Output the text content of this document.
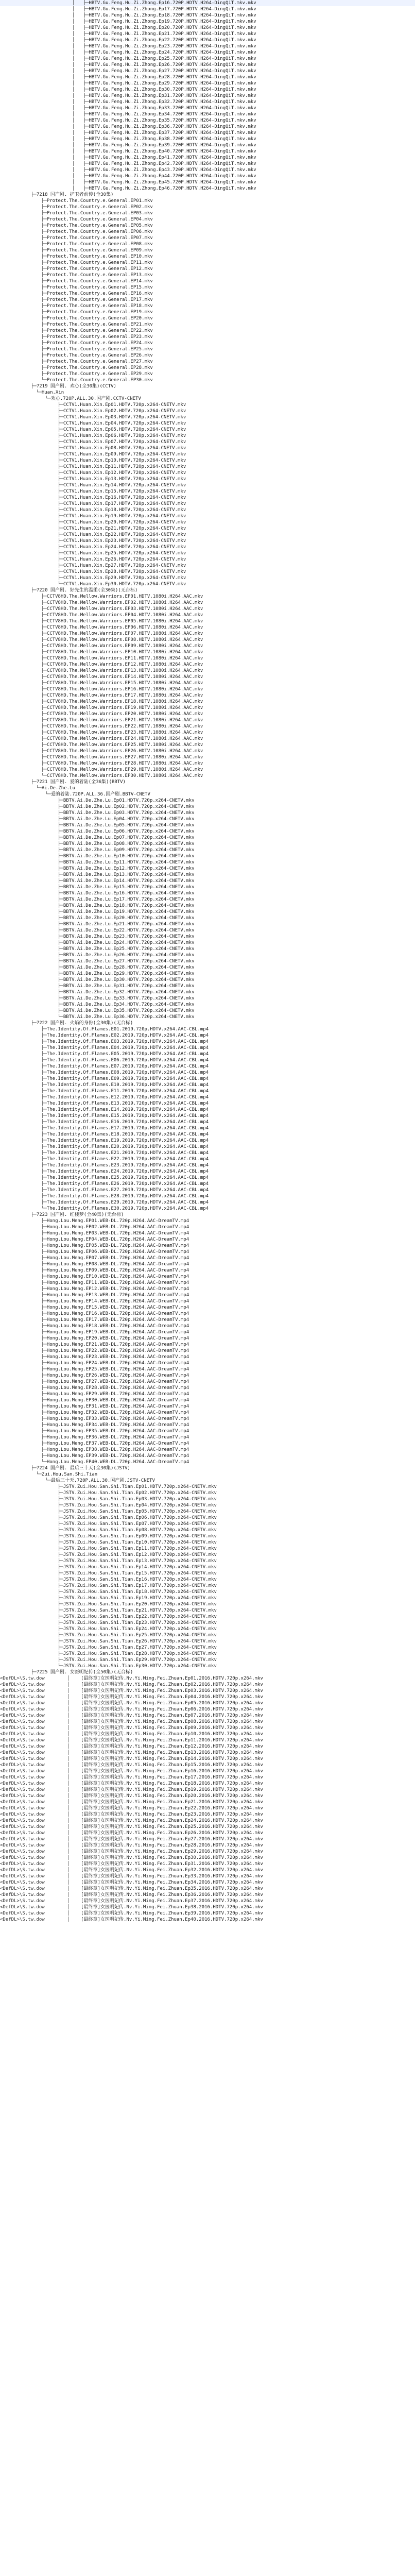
│   ├─HBTV.Gu.Feng.Hu.Zi.Zhong.Ep16.720P.HDTV.H264-DingQiT.mkv.mkv
│   ├─HBTV.Gu.Feng.Hu.Zi.Zhong.Ep17.720P.HDTV.H264-DingQiT.mkv.mkv
│   ├─HBTV.Gu.Feng.Hu.Zi.Zhong.Ep18.720P.HDTV.H264-DingQiT.mkv.mkv
│   ├─HBTV.Gu.Feng.Hu.Zi.Zhong.Ep19.720P.HDTV.H264-DingQiT.mkv.mkv
│   ├─HBTV.Gu.Feng.Hu.Zi.Zhong.Ep20.720P.HDTV.H264-DingQiT.mkv.mkv
│   ├─HBTV.Gu.Feng.Hu.Zi.Zhong.Ep21.720P.HDTV.H264-DingQiT.mkv.mkv
│   ├─HBTV.Gu.Feng.Hu.Zi.Zhong.Ep22.720P.HDTV.H264-DingQiT.mkv.mkv
│   ├─HBTV.Gu.Feng.Hu.Zi.Zhong.Ep23.720P.HDTV.H264-DingQiT.mkv.mkv
│   ├─HBTV.Gu.Feng.Hu.Zi.Zhong.Ep24.720P.HDTV.H264-DingQiT.mkv.mkv
│   ├─HBTV.Gu.Feng.Hu.Zi.Zhong.Ep25.720P.HDTV.H264-DingQiT.mkv.mkv
│   ├─HBTV.Gu.Feng.Hu.Zi.Zhong.Ep26.720P.HDTV.H264-DingQiT.mkv.mkv
│   ├─HBTV.Gu.Feng.Hu.Zi.Zhong.Ep27.720P.HDTV.H264-DingQiT.mkv.mkv
│   ├─HBTV.Gu.Feng.Hu.Zi.Zhong.Ep28.720P.HDTV.H264-DingQiT.mkv.mkv
│   ├─HBTV.Gu.Feng.Hu.Zi.Zhong.Ep29.720P.HDTV.H264-DingQiT.mkv.mkv
│   ├─HBTV.Gu.Feng.Hu.Zi.Zhong.Ep30.720P.HDTV.H264-DingQiT.mkv.mkv
│   ├─HBTV.Gu.Feng.Hu.Zi.Zhong.Ep31.720P.HDTV.H264-DingQiT.mkv.mkv
│   ├─HBTV.Gu.Feng.Hu.Zi.Zhong.Ep32.720P.HDTV.H264-DingQiT.mkv.mkv
│   ├─HBTV.Gu.Feng.Hu.Zi.Zhong.Ep33.720P.HDTV.H264-DingQiT.mkv.mkv
│   ├─HBTV.Gu.Feng.Hu.Zi.Zhong.Ep34.720P.HDTV.H264-DingQiT.mkv.mkv
│   ├─HBTV.Gu.Feng.Hu.Zi.Zhong.Ep35.720P.HDTV.H264-DingQiT.mkv.mkv
│   ├─HBTV.Gu.Feng.Hu.Zi.Zhong.Ep36.720P.HDTV.H264-DingQiT.mkv.mkv
│   ├─HBTV.Gu.Feng.Hu.Zi.Zhong.Ep37.720P.HDTV.H264-DingQiT.mkv.mkv
│   ├─HBTV.Gu.Feng.Hu.Zi.Zhong.Ep38.720P.HDTV.H264-DingQiT.mkv.mkv
│   ├─HBTV.Gu.Feng.Hu.Zi.Zhong.Ep39.720P.HDTV.H264-DingQiT.mkv.mkv
│   ├─HBTV.Gu.Feng.Hu.Zi.Zhong.Ep40.720P.HDTV.H264-DingQiT.mkv.mkv
│   ├─HBTV.Gu.Feng.Hu.Zi.Zhong.Ep41.720P.HDTV.H264-DingQiT.mkv.mkv
│   ├─HBTV.Gu.Feng.Hu.Zi.Zhong.Ep42.720P.HDTV.H264-DingQiT.mkv.mkv
│   ├─HBTV.Gu.Feng.Hu.Zi.Zhong.Ep43.720P.HDTV.H264-DingQiT.mkv.mkv
│   ├─HBTV.Gu.Feng.Hu.Zi.Zhong.Ep44.720P.HDTV.H264-DingQiT.mkv.mkv
│   ├─HBTV.Gu.Feng.Hu.Zi.Zhong.Ep45.720P.HDTV.H264-DingQiT.mkv.mkv
│   ├─HBTV.Gu.Feng.Hu.Zi.Zhong.Ep46.720P.HDTV.H264-DingQiT.mkv.mkv
├─7218 国产剧. 护卫者前传(全30集)
├─Protect.The.Country.e.General.EP01.mkv
├─Protect.The.Country.e.General.EP02.mkv
├─Protect.The.Country.e.General.EP03.mkv
├─Protect.The.Country.e.General.EP04.mkv
├─Protect.The.Country.e.General.EP05.mkv
├─Protect.The.Country.e.General.EP06.mkv
├─Protect.The.Country.e.General.EP07.mkv
├─Protect.The.Country.e.General.EP08.mkv
├─Protect.The.Country.e.General.EP09.mkv
├─Protect.The.Country.e.General.EP10.mkv
├─Protect.The.Country.e.General.EP11.mkv
├─Protect.The.Country.e.General.EP12.mkv
├─Protect.The.Country.e.General.EP13.mkv
├─Protect.The.Country.e.General.EP14.mkv
├─Protect.The.Country.e.General.EP15.mkv
├─Protect.The.Country.e.General.EP16.mkv
├─Protect.The.Country.e.General.EP17.mkv
├─Protect.The.Country.e.General.EP18.mkv
├─Protect.The.Country.e.General.EP19.mkv
├─Protect.The.Country.e.General.EP20.mkv
├─Protect.The.Country.e.General.EP21.mkv
├─Protect.The.Country.e.General.EP22.mkv
├─Protect.The.Country.e.General.EP23.mkv
├─Protect.The.Country.e.General.EP24.mkv
├─Protect.The.Country.e.General.EP25.mkv
├─Protect.The.Country.e.General.EP26.mkv
├─Protect.The.Country.e.General.EP27.mkv
├─Protect.The.Country.e.General.EP28.mkv
├─Protect.The.Country.e.General.EP29.mkv
└─Protect.The.Country.e.General.EP30.mkv
├─7219 国产剧. 欢心(全30集)(CCTV)
└─Huan.Xin
└─欢心.720P.ALL.30.国产剧.CCTV-CNETV
├─CCTV1.Huan.Xin.Ep01.HDTV.720p.x264-CNETV.mkv
├─CCTV1.Huan.Xin.Ep02.HDTV.720p.x264-CNETV.mkv
├─CCTV1.Huan.Xin.Ep03.HDTV.720p.x264-CNETV.mkv
├─CCTV1.Huan.Xin.Ep04.HDTV.720p.x264-CNETV.mkv
├─CCTV1.Huan.Xin.Ep05.HDTV.720p.x264-CNETV.mkv
├─CCTV1.Huan.Xin.Ep06.HDTV.720p.x264-CNETV.mkv
├─CCTV1.Huan.Xin.Ep07.HDTV.720p.x264-CNETV.mkv
├─CCTV1.Huan.Xin.Ep08.HDTV.720p.x264-CNETV.mkv
├─CCTV1.Huan.Xin.Ep09.HDTV.720p.x264-CNETV.mkv
├─CCTV1.Huan.Xin.Ep10.HDTV.720p.x264-CNETV.mkv
├─CCTV1.Huan.Xin.Ep11.HDTV.720p.x264-CNETV.mkv
├─CCTV1.Huan.Xin.Ep12.HDTV.720p.x264-CNETV.mkv
├─CCTV1.Huan.Xin.Ep13.HDTV.720p.x264-CNETV.mkv
├─CCTV1.Huan.Xin.Ep14.HDTV.720p.x264-CNETV.mkv
├─CCTV1.Huan.Xin.Ep15.HDTV.720p.x264-CNETV.mkv
├─CCTV1.Huan.Xin.Ep16.HDTV.720p.x264-CNETV.mkv
├─CCTV1.Huan.Xin.Ep17.HDTV.720p.x264-CNETV.mkv
├─CCTV1.Huan.Xin.Ep18.HDTV.720p.x264-CNETV.mkv
├─CCTV1.Huan.Xin.Ep19.HDTV.720p.x264-CNETV.mkv
├─CCTV1.Huan.Xin.Ep20.HDTV.720p.x264-CNETV.mkv
├─CCTV1.Huan.Xin.Ep21.HDTV.720p.x264-CNETV.mkv
├─CCTV1.Huan.Xin.Ep22.HDTV.720p.x264-CNETV.mkv
├─CCTV1.Huan.Xin.Ep23.HDTV.720p.x264-CNETV.mkv
├─CCTV1.Huan.Xin.Ep24.HDTV.720p.x264-CNETV.mkv
├─CCTV1.Huan.Xin.Ep25.HDTV.720p.x264-CNETV.mkv
├─CCTV1.Huan.Xin.Ep26.HDTV.720p.x264-CNETV.mkv
├─CCTV1.Huan.Xin.Ep27.HDTV.720p.x264-CNETV.mkv
├─CCTV1.Huan.Xin.Ep28.HDTV.720p.x264-CNETV.mkv
├─CCTV1.Huan.Xin.Ep29.HDTV.720p.x264-CNETV.mkv
└─CCTV1.Huan.Xin.Ep30.HDTV.720p.x264-CNETV.mkv
├─7220 国产剧. 好先生的温柔(全30集)(无台标)
├─CCTV8HD.The.Mellow.Warriors.EP01.HDTV.1080i.H264.AAC.mkv
├─CCTV8HD.The.Mellow.Warriors.EP02.HDTV.1080i.H264.AAC.mkv
├─CCTV8HD.The.Mellow.Warriors.EP03.HDTV.1080i.H264.AAC.mkv
├─CCTV8HD.The.Mellow.Warriors.EP04.HDTV.1080i.H264.AAC.mkv
├─CCTV8HD.The.Mellow.Warriors.EP05.HDTV.1080i.H264.AAC.mkv
├─CCTV8HD.The.Mellow.Warriors.EP06.HDTV.1080i.H264.AAC.mkv
├─CCTV8HD.The.Mellow.Warriors.EP07.HDTV.1080i.H264.AAC.mkv
├─CCTV8HD.The.Mellow.Warriors.EP08.HDTV.1080i.H264.AAC.mkv
├─CCTV8HD.The.Mellow.Warriors.EP09.HDTV.1080i.H264.AAC.mkv
├─CCTV8HD.The.Mellow.Warriors.EP10.HDTV.1080i.H264.AAC.mkv
├─CCTV8HD.The.Mellow.Warriors.EP11.HDTV.1080i.H264.AAC.mkv
├─CCTV8HD.The.Mellow.Warriors.EP12.HDTV.1080i.H264.AAC.mkv
├─CCTV8HD.The.Mellow.Warriors.EP13.HDTV.1080i.H264.AAC.mkv
├─CCTV8HD.The.Mellow.Warriors.EP14.HDTV.1080i.H264.AAC.mkv
├─CCTV8HD.The.Mellow.Warriors.EP15.HDTV.1080i.H264.AAC.mkv
├─CCTV8HD.The.Mellow.Warriors.EP16.HDTV.1080i.H264.AAC.mkv
├─CCTV8HD.The.Mellow.Warriors.EP17.HDTV.1080i.H264.AAC.mkv
├─CCTV8HD.The.Mellow.Warriors.EP18.HDTV.1080i.H264.AAC.mkv
├─CCTV8HD.The.Mellow.Warriors.EP19.HDTV.1080i.H264.AAC.mkv
├─CCTV8HD.The.Mellow.Warriors.EP20.HDTV.1080i.H264.AAC.mkv
├─CCTV8HD.The.Mellow.Warriors.EP21.HDTV.1080i.H264.AAC.mkv
├─CCTV8HD.The.Mellow.Warriors.EP22.HDTV.1080i.H264.AAC.mkv
├─CCTV8HD.The.Mellow.Warriors.EP23.HDTV.1080i.H264.AAC.mkv
├─CCTV8HD.The.Mellow.Warriors.EP24.HDTV.1080i.H264.AAC.mkv
├─CCTV8HD.The.Mellow.Warriors.EP25.HDTV.1080i.H264.AAC.mkv
├─CCTV8HD.The.Mellow.Warriors.EP26.HDTV.1080i.H264.AAC.mkv
├─CCTV8HD.The.Mellow.Warriors.EP27.HDTV.1080i.H264.AAC.mkv
├─CCTV8HD.The.Mellow.Warriors.EP28.HDTV.1080i.H264.AAC.mkv
├─CCTV8HD.The.Mellow.Warriors.EP29.HDTV.1080i.H264.AAC.mkv
└─CCTV8HD.The.Mellow.Warriors.EP30.HDTV.1080i.H264.AAC.mkv
├─7221 国产剧. 爱的着陆(全36集)(BBTV)
└─Ai.De.Zhe.Lu
└─爱的着陆.720P.ALL.36.国产剧.BBTV-CNETV
├─BBTV.Ai.De.Zhe.Lu.Ep01.HDTV.720p.x264-CNETV.mkv
├─BBTV.Ai.De.Zhe.Lu.Ep02.HDTV.720p.x264-CNETV.mkv
├─BBTV.Ai.De.Zhe.Lu.Ep03.HDTV.720p.x264-CNETV.mkv
├─BBTV.Ai.De.Zhe.Lu.Ep04.HDTV.720p.x264-CNETV.mkv
├─BBTV.Ai.De.Zhe.Lu.Ep05.HDTV.720p.x264-CNETV.mkv
├─BBTV.Ai.De.Zhe.Lu.Ep06.HDTV.720p.x264-CNETV.mkv
├─BBTV.Ai.De.Zhe.Lu.Ep07.HDTV.720p.x264-CNETV.mkv
├─BBTV.Ai.De.Zhe.Lu.Ep08.HDTV.720p.x264-CNETV.mkv
├─BBTV.Ai.De.Zhe.Lu.Ep09.HDTV.720p.x264-CNETV.mkv
├─BBTV.Ai.De.Zhe.Lu.Ep10.HDTV.720p.x264-CNETV.mkv
├─BBTV.Ai.De.Zhe.Lu.Ep11.HDTV.720p.x264-CNETV.mkv
├─BBTV.Ai.De.Zhe.Lu.Ep12.HDTV.720p.x264-CNETV.mkv
├─BBTV.Ai.De.Zhe.Lu.Ep13.HDTV.720p.x264-CNETV.mkv
├─BBTV.Ai.De.Zhe.Lu.Ep14.HDTV.720p.x264-CNETV.mkv
├─BBTV.Ai.De.Zhe.Lu.Ep15.HDTV.720p.x264-CNETV.mkv
├─BBTV.Ai.De.Zhe.Lu.Ep16.HDTV.720p.x264-CNETV.mkv
├─BBTV.Ai.De.Zhe.Lu.Ep17.HDTV.720p.x264-CNETV.mkv
├─BBTV.Ai.De.Zhe.Lu.Ep18.HDTV.720p.x264-CNETV.mkv
├─BBTV.Ai.De.Zhe.Lu.Ep19.HDTV.720p.x264-CNETV.mkv
├─BBTV.Ai.De.Zhe.Lu.Ep20.HDTV.720p.x264-CNETV.mkv
├─BBTV.Ai.De.Zhe.Lu.Ep21.HDTV.720p.x264-CNETV.mkv
├─BBTV.Ai.De.Zhe.Lu.Ep22.HDTV.720p.x264-CNETV.mkv
├─BBTV.Ai.De.Zhe.Lu.Ep23.HDTV.720p.x264-CNETV.mkv
├─BBTV.Ai.De.Zhe.Lu.Ep24.HDTV.720p.x264-CNETV.mkv
├─BBTV.Ai.De.Zhe.Lu.Ep25.HDTV.720p.x264-CNETV.mkv
├─BBTV.Ai.De.Zhe.Lu.Ep26.HDTV.720p.x264-CNETV.mkv
├─BBTV.Ai.De.Zhe.Lu.Ep27.HDTV.720p.x264-CNETV.mkv
├─BBTV.Ai.De.Zhe.Lu.Ep28.HDTV.720p.x264-CNETV.mkv
├─BBTV.Ai.De.Zhe.Lu.Ep29.HDTV.720p.x264-CNETV.mkv
├─BBTV.Ai.De.Zhe.Lu.Ep30.HDTV.720p.x264-CNETV.mkv
├─BBTV.Ai.De.Zhe.Lu.Ep31.HDTV.720p.x264-CNETV.mkv
├─BBTV.Ai.De.Zhe.Lu.Ep32.HDTV.720p.x264-CNETV.mkv
├─BBTV.Ai.De.Zhe.Lu.Ep33.HDTV.720p.x264-CNETV.mkv
├─BBTV.Ai.De.Zhe.Lu.Ep34.HDTV.720p.x264-CNETV.mkv
├─BBTV.Ai.De.Zhe.Lu.Ep35.HDTV.720p.x264-CNETV.mkv
└─BBTV.Ai.De.Zhe.Lu.Ep36.HDTV.720p.x264-CNETV.mkv
├─7222 国产剧. 火焰的身份(全30集)(无台标)
├─The.Identity.Of.Flames.E01.2019.720p.HDTV.x264.AAC-CBL.mp4
├─The.Identity.Of.Flames.E02.2019.720p.HDTV.x264.AAC-CBL.mp4
├─The.Identity.Of.Flames.E03.2019.720p.HDTV.x264.AAC-CBL.mp4
├─The.Identity.Of.Flames.E04.2019.720p.HDTV.x264.AAC-CBL.mp4
├─The.Identity.Of.Flames.E05.2019.720p.HDTV.x264.AAC-CBL.mp4
├─The.Identity.Of.Flames.E06.2019.720p.HDTV.x264.AAC-CBL.mp4
├─The.Identity.Of.Flames.E07.2019.720p.HDTV.x264.AAC-CBL.mp4
├─The.Identity.Of.Flames.E08.2019.720p.HDTV.x264.AAC-CBL.mp4
├─The.Identity.Of.Flames.E09.2019.720p.HDTV.x264.AAC-CBL.mp4
├─The.Identity.Of.Flames.E10.2019.720p.HDTV.x264.AAC-CBL.mp4
├─The.Identity.Of.Flames.E11.2019.720p.HDTV.x264.AAC-CBL.mp4
├─The.Identity.Of.Flames.E12.2019.720p.HDTV.x264.AAC-CBL.mp4
├─The.Identity.Of.Flames.E13.2019.720p.HDTV.x264.AAC-CBL.mp4
├─The.Identity.Of.Flames.E14.2019.720p.HDTV.x264.AAC-CBL.mp4
├─The.Identity.Of.Flames.E15.2019.720p.HDTV.x264.AAC-CBL.mp4
├─The.Identity.Of.Flames.E16.2019.720p.HDTV.x264.AAC-CBL.mp4
├─The.Identity.Of.Flames.E17.2019.720p.HDTV.x264.AAC-CBL.mp4
├─The.Identity.Of.Flames.E18.2019.720p.HDTV.x264.AAC-CBL.mp4
├─The.Identity.Of.Flames.E19.2019.720p.HDTV.x264.AAC-CBL.mp4
├─The.Identity.Of.Flames.E20.2019.720p.HDTV.x264.AAC-CBL.mp4
├─The.Identity.Of.Flames.E21.2019.720p.HDTV.x264.AAC-CBL.mp4
├─The.Identity.Of.Flames.E22.2019.720p.HDTV.x264.AAC-CBL.mp4
├─The.Identity.Of.Flames.E23.2019.720p.HDTV.x264.AAC-CBL.mp4
├─The.Identity.Of.Flames.E24.2019.720p.HDTV.x264.AAC-CBL.mp4
├─The.Identity.Of.Flames.E25.2019.720p.HDTV.x264.AAC-CBL.mp4
├─The.Identity.Of.Flames.E26.2019.720p.HDTV.x264.AAC-CBL.mp4
├─The.Identity.Of.Flames.E27.2019.720p.HDTV.x264.AAC-CBL.mp4
├─The.Identity.Of.Flames.E28.2019.720p.HDTV.x264.AAC-CBL.mp4
├─The.Identity.Of.Flames.E29.2019.720p.HDTV.x264.AAC-CBL.mp4
└─The.Identity.Of.Flames.E30.2019.720p.HDTV.x264.AAC-CBL.mp4
├─7223 国产剧. 红楼梦(全40集)(无台标)
├─Hong.Lou.Meng.EP01.WEB-DL.720p.H264.AAC-DreamTV.mp4
├─Hong.Lou.Meng.EP02.WEB-DL.720p.H264.AAC-DreamTV.mp4
├─Hong.Lou.Meng.EP03.WEB-DL.720p.H264.AAC-DreamTV.mp4
├─Hong.Lou.Meng.EP04.WEB-DL.720p.H264.AAC-DreamTV.mp4
├─Hong.Lou.Meng.EP05.WEB-DL.720p.H264.AAC-DreamTV.mp4
├─Hong.Lou.Meng.EP06.WEB-DL.720p.H264.AAC-DreamTV.mp4
├─Hong.Lou.Meng.EP07.WEB-DL.720p.H264.AAC-DreamTV.mp4
├─Hong.Lou.Meng.EP08.WEB-DL.720p.H264.AAC-DreamTV.mp4
├─Hong.Lou.Meng.EP09.WEB-DL.720p.H264.AAC-DreamTV.mp4
├─Hong.Lou.Meng.EP10.WEB-DL.720p.H264.AAC-DreamTV.mp4
├─Hong.Lou.Meng.EP11.WEB-DL.720p.H264.AAC-DreamTV.mp4
├─Hong.Lou.Meng.EP12.WEB-DL.720p.H264.AAC-DreamTV.mp4
├─Hong.Lou.Meng.EP13.WEB-DL.720p.H264.AAC-DreamTV.mp4
├─Hong.Lou.Meng.EP14.WEB-DL.720p.H264.AAC-DreamTV.mp4
├─Hong.Lou.Meng.EP15.WEB-DL.720p.H264.AAC-DreamTV.mp4
├─Hong.Lou.Meng.EP16.WEB-DL.720p.H264.AAC-DreamTV.mp4
├─Hong.Lou.Meng.EP17.WEB-DL.720p.H264.AAC-DreamTV.mp4
├─Hong.Lou.Meng.EP18.WEB-DL.720p.H264.AAC-DreamTV.mp4
├─Hong.Lou.Meng.EP19.WEB-DL.720p.H264.AAC-DreamTV.mp4
├─Hong.Lou.Meng.EP20.WEB-DL.720p.H264.AAC-DreamTV.mp4
├─Hong.Lou.Meng.EP21.WEB-DL.720p.H264.AAC-DreamTV.mp4
├─Hong.Lou.Meng.EP22.WEB-DL.720p.H264.AAC-DreamTV.mp4
├─Hong.Lou.Meng.EP23.WEB-DL.720p.H264.AAC-DreamTV.mp4
├─Hong.Lou.Meng.EP24.WEB-DL.720p.H264.AAC-DreamTV.mp4
├─Hong.Lou.Meng.EP25.WEB-DL.720p.H264.AAC-DreamTV.mp4
├─Hong.Lou.Meng.EP26.WEB-DL.720p.H264.AAC-DreamTV.mp4
├─Hong.Lou.Meng.EP27.WEB-DL.720p.H264.AAC-DreamTV.mp4
├─Hong.Lou.Meng.EP28.WEB-DL.720p.H264.AAC-DreamTV.mp4
├─Hong.Lou.Meng.EP29.WEB-DL.720p.H264.AAC-DreamTV.mp4
├─Hong.Lou.Meng.EP30.WEB-DL.720p.H264.AAC-DreamTV.mp4
├─Hong.Lou.Meng.EP31.WEB-DL.720p.H264.AAC-DreamTV.mp4
├─Hong.Lou.Meng.EP32.WEB-DL.720p.H264.AAC-DreamTV.mp4
├─Hong.Lou.Meng.EP33.WEB-DL.720p.H264.AAC-DreamTV.mp4
├─Hong.Lou.Meng.EP34.WEB-DL.720p.H264.AAC-DreamTV.mp4
├─Hong.Lou.Meng.EP35.WEB-DL.720p.H264.AAC-DreamTV.mp4
├─Hong.Lou.Meng.EP36.WEB-DL.720p.H264.AAC-DreamTV.mp4
├─Hong.Lou.Meng.EP37.WEB-DL.720p.H264.AAC-DreamTV.mp4
├─Hong.Lou.Meng.EP38.WEB-DL.720p.H264.AAC-DreamTV.mp4
├─Hong.Lou.Meng.EP39.WEB-DL.720p.H264.AAC-DreamTV.mp4
└─Hong.Lou.Meng.EP40.WEB-DL.720p.H264.AAC-DreamTV.mp4
├─7224 国产剧. 最后三十天(全30集)(JSTV)
└─Zui.Hou.San.Shi.Tian
└─最后三十天.720P.ALL.30.国产剧.JSTV-CNETV
├─JSTV.Zui.Hou.San.Shi.Tian.Ep01.HDTV.720p.x264-CNETV.mkv
├─JSTV.Zui.Hou.San.Shi.Tian.Ep02.HDTV.720p.x264-CNETV.mkv
├─JSTV.Zui.Hou.San.Shi.Tian.Ep03.HDTV.720p.x264-CNETV.mkv
├─JSTV.Zui.Hou.San.Shi.Tian.Ep04.HDTV.720p.x264-CNETV.mkv
├─JSTV.Zui.Hou.San.Shi.Tian.Ep05.HDTV.720p.x264-CNETV.mkv
├─JSTV.Zui.Hou.San.Shi.Tian.Ep06.HDTV.720p.x264-CNETV.mkv
├─JSTV.Zui.Hou.San.Shi.Tian.Ep07.HDTV.720p.x264-CNETV.mkv
├─JSTV.Zui.Hou.San.Shi.Tian.Ep08.HDTV.720p.x264-CNETV.mkv
├─JSTV.Zui.Hou.San.Shi.Tian.Ep09.HDTV.720p.x264-CNETV.mkv
├─JSTV.Zui.Hou.San.Shi.Tian.Ep10.HDTV.720p.x264-CNETV.mkv
├─JSTV.Zui.Hou.San.Shi.Tian.Ep11.HDTV.720p.x264-CNETV.mkv
├─JSTV.Zui.Hou.San.Shi.Tian.Ep12.HDTV.720p.x264-CNETV.mkv
├─JSTV.Zui.Hou.San.Shi.Tian.Ep13.HDTV.720p.x264-CNETV.mkv
├─JSTV.Zui.Hou.San.Shi.Tian.Ep14.HDTV.720p.x264-CNETV.mkv
├─JSTV.Zui.Hou.San.Shi.Tian.Ep15.HDTV.720p.x264-CNETV.mkv
├─JSTV.Zui.Hou.San.Shi.Tian.Ep16.HDTV.720p.x264-CNETV.mkv
├─JSTV.Zui.Hou.San.Shi.Tian.Ep17.HDTV.720p.x264-CNETV.mkv
├─JSTV.Zui.Hou.San.Shi.Tian.Ep18.HDTV.720p.x264-CNETV.mkv
├─JSTV.Zui.Hou.San.Shi.Tian.Ep19.HDTV.720p.x264-CNETV.mkv
├─JSTV.Zui.Hou.San.Shi.Tian.Ep20.HDTV.720p.x264-CNETV.mkv
├─JSTV.Zui.Hou.San.Shi.Tian.Ep21.HDTV.720p.x264-CNETV.mkv
├─JSTV.Zui.Hou.San.Shi.Tian.Ep22.HDTV.720p.x264-CNETV.mkv
├─JSTV.Zui.Hou.San.Shi.Tian.Ep23.HDTV.720p.x264-CNETV.mkv
├─JSTV.Zui.Hou.San.Shi.Tian.Ep24.HDTV.720p.x264-CNETV.mkv
├─JSTV.Zui.Hou.San.Shi.Tian.Ep25.HDTV.720p.x264-CNETV.mkv
├─JSTV.Zui.Hou.San.Shi.Tian.Ep26.HDTV.720p.x264-CNETV.mkv
├─JSTV.Zui.Hou.San.Shi.Tian.Ep27.HDTV.720p.x264-CNETV.mkv
├─JSTV.Zui.Hou.San.Shi.Tian.Ep28.HDTV.720p.x264-CNETV.mkv
├─JSTV.Zui.Hou.San.Shi.Tian.Ep29.HDTV.720p.x264-CNETV.mkv
└─JSTV.Zui.Hou.San.Shi.Tian.Ep30.HDTV.720p.x264-CNETV.mkv
├─7225 国产剧. 女医明妃传(全50集)(无台标)
<DefDL>\S.tw.dow        │    [最终章]女医明妃传.Nv.Yi.Ming.Fei.Zhuan.Ep01.2016.HDTV.720p.x264.mkv
<DefDL>\S.tw.dow        │    [最终章]女医明妃传.Nv.Yi.Ming.Fei.Zhuan.Ep02.2016.HDTV.720p.x264.mkv
<DefDL>\S.tw.dow        │    [最终章]女医明妃传.Nv.Yi.Ming.Fei.Zhuan.Ep03.2016.HDTV.720p.x264.mkv
<DefDL>\S.tw.dow        │    [最终章]女医明妃传.Nv.Yi.Ming.Fei.Zhuan.Ep04.2016.HDTV.720p.x264.mkv
<DefDL>\S.tw.dow        │    [最终章]女医明妃传.Nv.Yi.Ming.Fei.Zhuan.Ep05.2016.HDTV.720p.x264.mkv
<DefDL>\S.tw.dow        │    [最终章]女医明妃传.Nv.Yi.Ming.Fei.Zhuan.Ep06.2016.HDTV.720p.x264.mkv
<DefDL>\S.tw.dow        │    [最终章]女医明妃传.Nv.Yi.Ming.Fei.Zhuan.Ep07.2016.HDTV.720p.x264.mkv
<DefDL>\S.tw.dow        │    [最终章]女医明妃传.Nv.Yi.Ming.Fei.Zhuan.Ep08.2016.HDTV.720p.x264.mkv
<DefDL>\S.tw.dow        │    [最终章]女医明妃传.Nv.Yi.Ming.Fei.Zhuan.Ep09.2016.HDTV.720p.x264.mkv
<DefDL>\S.tw.dow        │    [最终章]女医明妃传.Nv.Yi.Ming.Fei.Zhuan.Ep10.2016.HDTV.720p.x264.mkv
<DefDL>\S.tw.dow        │    [最终章]女医明妃传.Nv.Yi.Ming.Fei.Zhuan.Ep11.2016.HDTV.720p.x264.mkv
<DefDL>\S.tw.dow        │    [最终章]女医明妃传.Nv.Yi.Ming.Fei.Zhuan.Ep12.2016.HDTV.720p.x264.mkv
<DefDL>\S.tw.dow        │    [最终章]女医明妃传.Nv.Yi.Ming.Fei.Zhuan.Ep13.2016.HDTV.720p.x264.mkv
<DefDL>\S.tw.dow        │    [最终章]女医明妃传.Nv.Yi.Ming.Fei.Zhuan.Ep14.2016.HDTV.720p.x264.mkv
<DefDL>\S.tw.dow        │    [最终章]女医明妃传.Nv.Yi.Ming.Fei.Zhuan.Ep15.2016.HDTV.720p.x264.mkv
<DefDL>\S.tw.dow        │    [最终章]女医明妃传.Nv.Yi.Ming.Fei.Zhuan.Ep16.2016.HDTV.720p.x264.mkv
<DefDL>\S.tw.dow        │    [最终章]女医明妃传.Nv.Yi.Ming.Fei.Zhuan.Ep17.2016.HDTV.720p.x264.mkv
<DefDL>\S.tw.dow        │    [最终章]女医明妃传.Nv.Yi.Ming.Fei.Zhuan.Ep18.2016.HDTV.720p.x264.mkv
<DefDL>\S.tw.dow        │    [最终章]女医明妃传.Nv.Yi.Ming.Fei.Zhuan.Ep19.2016.HDTV.720p.x264.mkv
<DefDL>\S.tw.dow        │    [最终章]女医明妃传.Nv.Yi.Ming.Fei.Zhuan.Ep20.2016.HDTV.720p.x264.mkv
<DefDL>\S.tw.dow        │    [最终章]女医明妃传.Nv.Yi.Ming.Fei.Zhuan.Ep21.2016.HDTV.720p.x264.mkv
<DefDL>\S.tw.dow        │    [最终章]女医明妃传.Nv.Yi.Ming.Fei.Zhuan.Ep22.2016.HDTV.720p.x264.mkv
<DefDL>\S.tw.dow        │    [最终章]女医明妃传.Nv.Yi.Ming.Fei.Zhuan.Ep23.2016.HDTV.720p.x264.mkv
<DefDL>\S.tw.dow        │    [最终章]女医明妃传.Nv.Yi.Ming.Fei.Zhuan.Ep24.2016.HDTV.720p.x264.mkv
<DefDL>\S.tw.dow        │    [最终章]女医明妃传.Nv.Yi.Ming.Fei.Zhuan.Ep25.2016.HDTV.720p.x264.mkv
<DefDL>\S.tw.dow        │    [最终章]女医明妃传.Nv.Yi.Ming.Fei.Zhuan.Ep26.2016.HDTV.720p.x264.mkv
<DefDL>\S.tw.dow        │    [最终章]女医明妃传.Nv.Yi.Ming.Fei.Zhuan.Ep27.2016.HDTV.720p.x264.mkv
<DefDL>\S.tw.dow        │    [最终章]女医明妃传.Nv.Yi.Ming.Fei.Zhuan.Ep28.2016.HDTV.720p.x264.mkv
<DefDL>\S.tw.dow        │    [最终章]女医明妃传.Nv.Yi.Ming.Fei.Zhuan.Ep29.2016.HDTV.720p.x264.mkv
<DefDL>\S.tw.dow        │    [最终章]女医明妃传.Nv.Yi.Ming.Fei.Zhuan.Ep30.2016.HDTV.720p.x264.mkv
<DefDL>\S.tw.dow        │    [最终章]女医明妃传.Nv.Yi.Ming.Fei.Zhuan.Ep31.2016.HDTV.720p.x264.mkv
<DefDL>\S.tw.dow        │    [最终章]女医明妃传.Nv.Yi.Ming.Fei.Zhuan.Ep32.2016.HDTV.720p.x264.mkv
<DefDL>\S.tw.dow        │    [最终章]女医明妃传.Nv.Yi.Ming.Fei.Zhuan.Ep33.2016.HDTV.720p.x264.mkv
<DefDL>\S.tw.dow        │    [最终章]女医明妃传.Nv.Yi.Ming.Fei.Zhuan.Ep34.2016.HDTV.720p.x264.mkv
<DefDL>\S.tw.dow        │    [最终章]女医明妃传.Nv.Yi.Ming.Fei.Zhuan.Ep35.2016.HDTV.720p.x264.mkv
<DefDL>\S.tw.dow        │    [最终章]女医明妃传.Nv.Yi.Ming.Fei.Zhuan.Ep36.2016.HDTV.720p.x264.mkv
<DefDL>\S.tw.dow        │    [最终章]女医明妃传.Nv.Yi.Ming.Fei.Zhuan.Ep37.2016.HDTV.720p.x264.mkv
<DefDL>\S.tw.dow        │    [最终章]女医明妃传.Nv.Yi.Ming.Fei.Zhuan.Ep38.2016.HDTV.720p.x264.mkv
<DefDL>\S.tw.dow        │    [最终章]女医明妃传.Nv.Yi.Ming.Fei.Zhuan.Ep39.2016.HDTV.720p.x264.mkv
<DefDL>\S.tw.dow        │    [最终章]女医明妃传.Nv.Yi.Ming.Fei.Zhuan.Ep40.2016.HDTV.720p.x264.mkv
